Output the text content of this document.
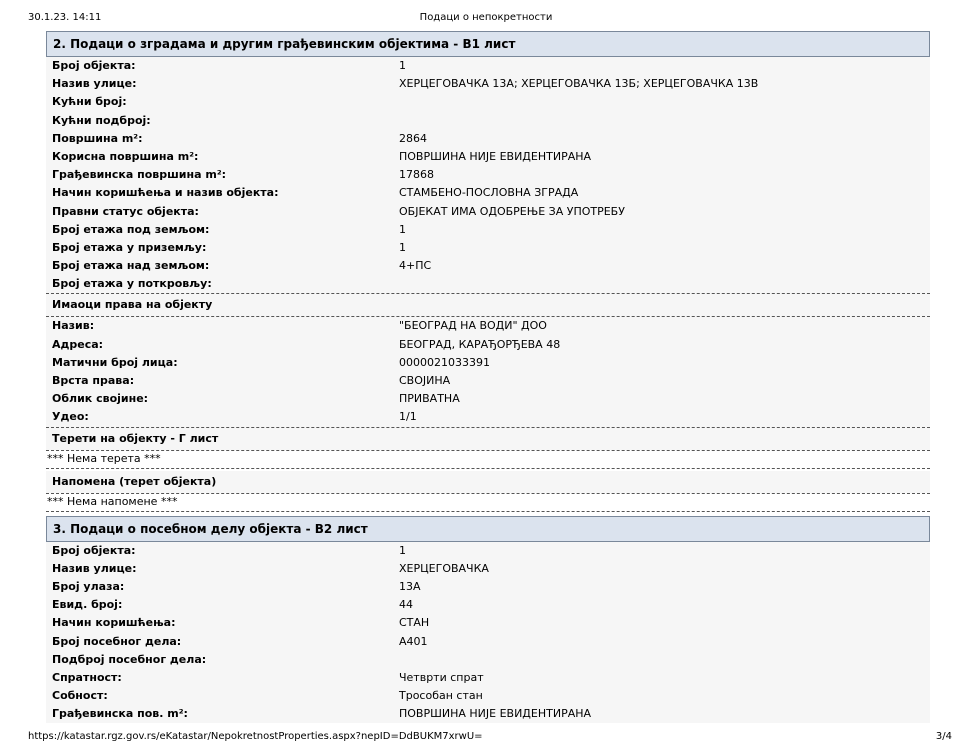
30.1.23. 14:11	Подаци о непокретности
2. Подаци о зградама и другим грађевинским објектима - В1 лист
Број објекта:	1
Назив улице:	ХЕРЦЕГОВАЧКА 13А; ХЕРЦЕГОВАЧКА 13Б; ХЕРЦЕГОВАЧКА 13В
Кућни број:
Кућни подброј:
Површина m²:	2864
Корисна површина m²:	ПОВРШИНА НИЈЕ ЕВИДЕНТИРАНА
Грађевинска површина m²:	17868
Начин коришћења и назив објекта:	СТАМБЕНО-ПОСЛОВНА ЗГРАДА
Правни статус објекта:	ОБЈЕКАТ ИМА ОДОБРЕЊЕ ЗА УПОТРЕБУ
Број етажа под земљом:	1
Број етажа у приземљу:	1
Број етажа над земљом:	4+ПС
Број етажа у поткровљу:
Имаоци права на објекту
Назив:	"БЕОГРАД НА ВОДИ" ДОО
Адреса:	БЕОГРАД, КАРАЂОРЂЕВА 48
Матични број лица:	0000021033391
Врста права:	СВОЈИНА
Облик својине:	ПРИВАТНА
Удео:	1/1
Терети на објекту - Г лист
*** Нема терета ***
Напомена (терет објекта)
*** Нема напомене ***
3. Подаци о посебном делу објекта - В2 лист
Број објекта:	1
Назив улице:	ХЕРЦЕГОВАЧКА
Број улаза:	13А
Евид. број:	44
Начин коришћења:	СТАН
Број посебног дела:	А401
Подброј посебног дела:
Спратност:	Четврти спрат
Собност:	Трособан стан
Грађевинска пов. m²:	ПОВРШИНА НИЈЕ ЕВИДЕНТИРАНА
https://katastar.rgz.gov.rs/eKatastar/NepokretnostProperties.aspx?nepID=DdBUKM7xrwU=	3/4
